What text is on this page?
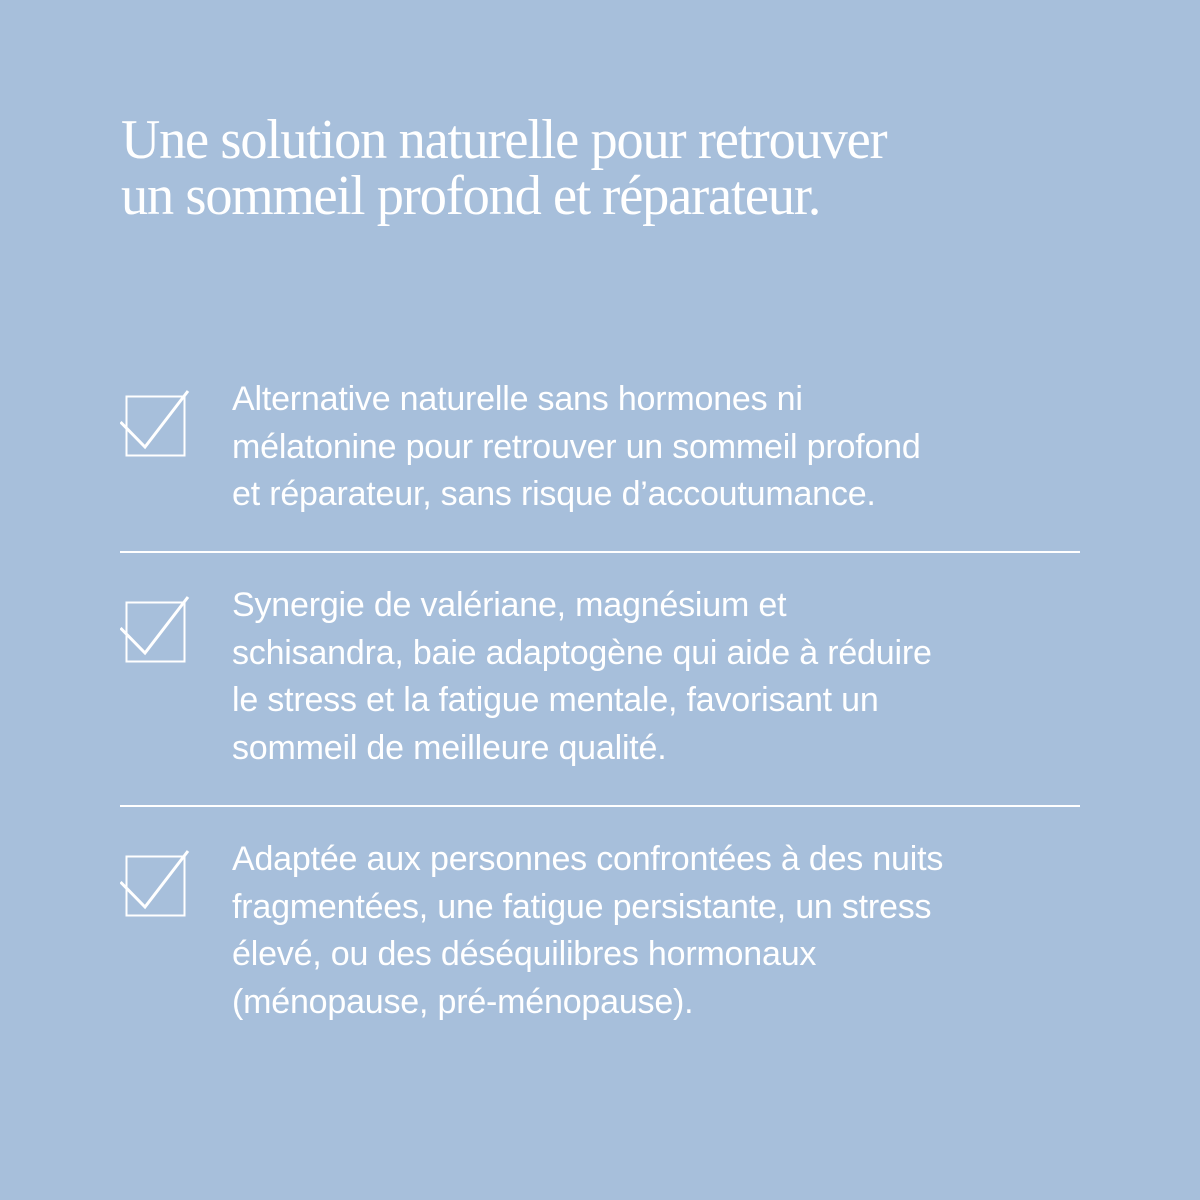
Une solution naturelle pour retrouver
un sommeil profond et réparateur.

Alternative naturelle sans hormones ni
mélatonine pour retrouver un sommeil profond
et réparateur, sans risque d’accoutumance.

Synergie de valériane, magnésium et
schisandra, baie adaptogène qui aide à réduire
le stress et la fatigue mentale, favorisant un
sommeil de meilleure qualité.

Adaptée aux personnes confrontées à des nuits
fragmentées, une fatigue persistante, un stress
élevé, ou des déséquilibres hormonaux
(ménopause, pré-ménopause).
